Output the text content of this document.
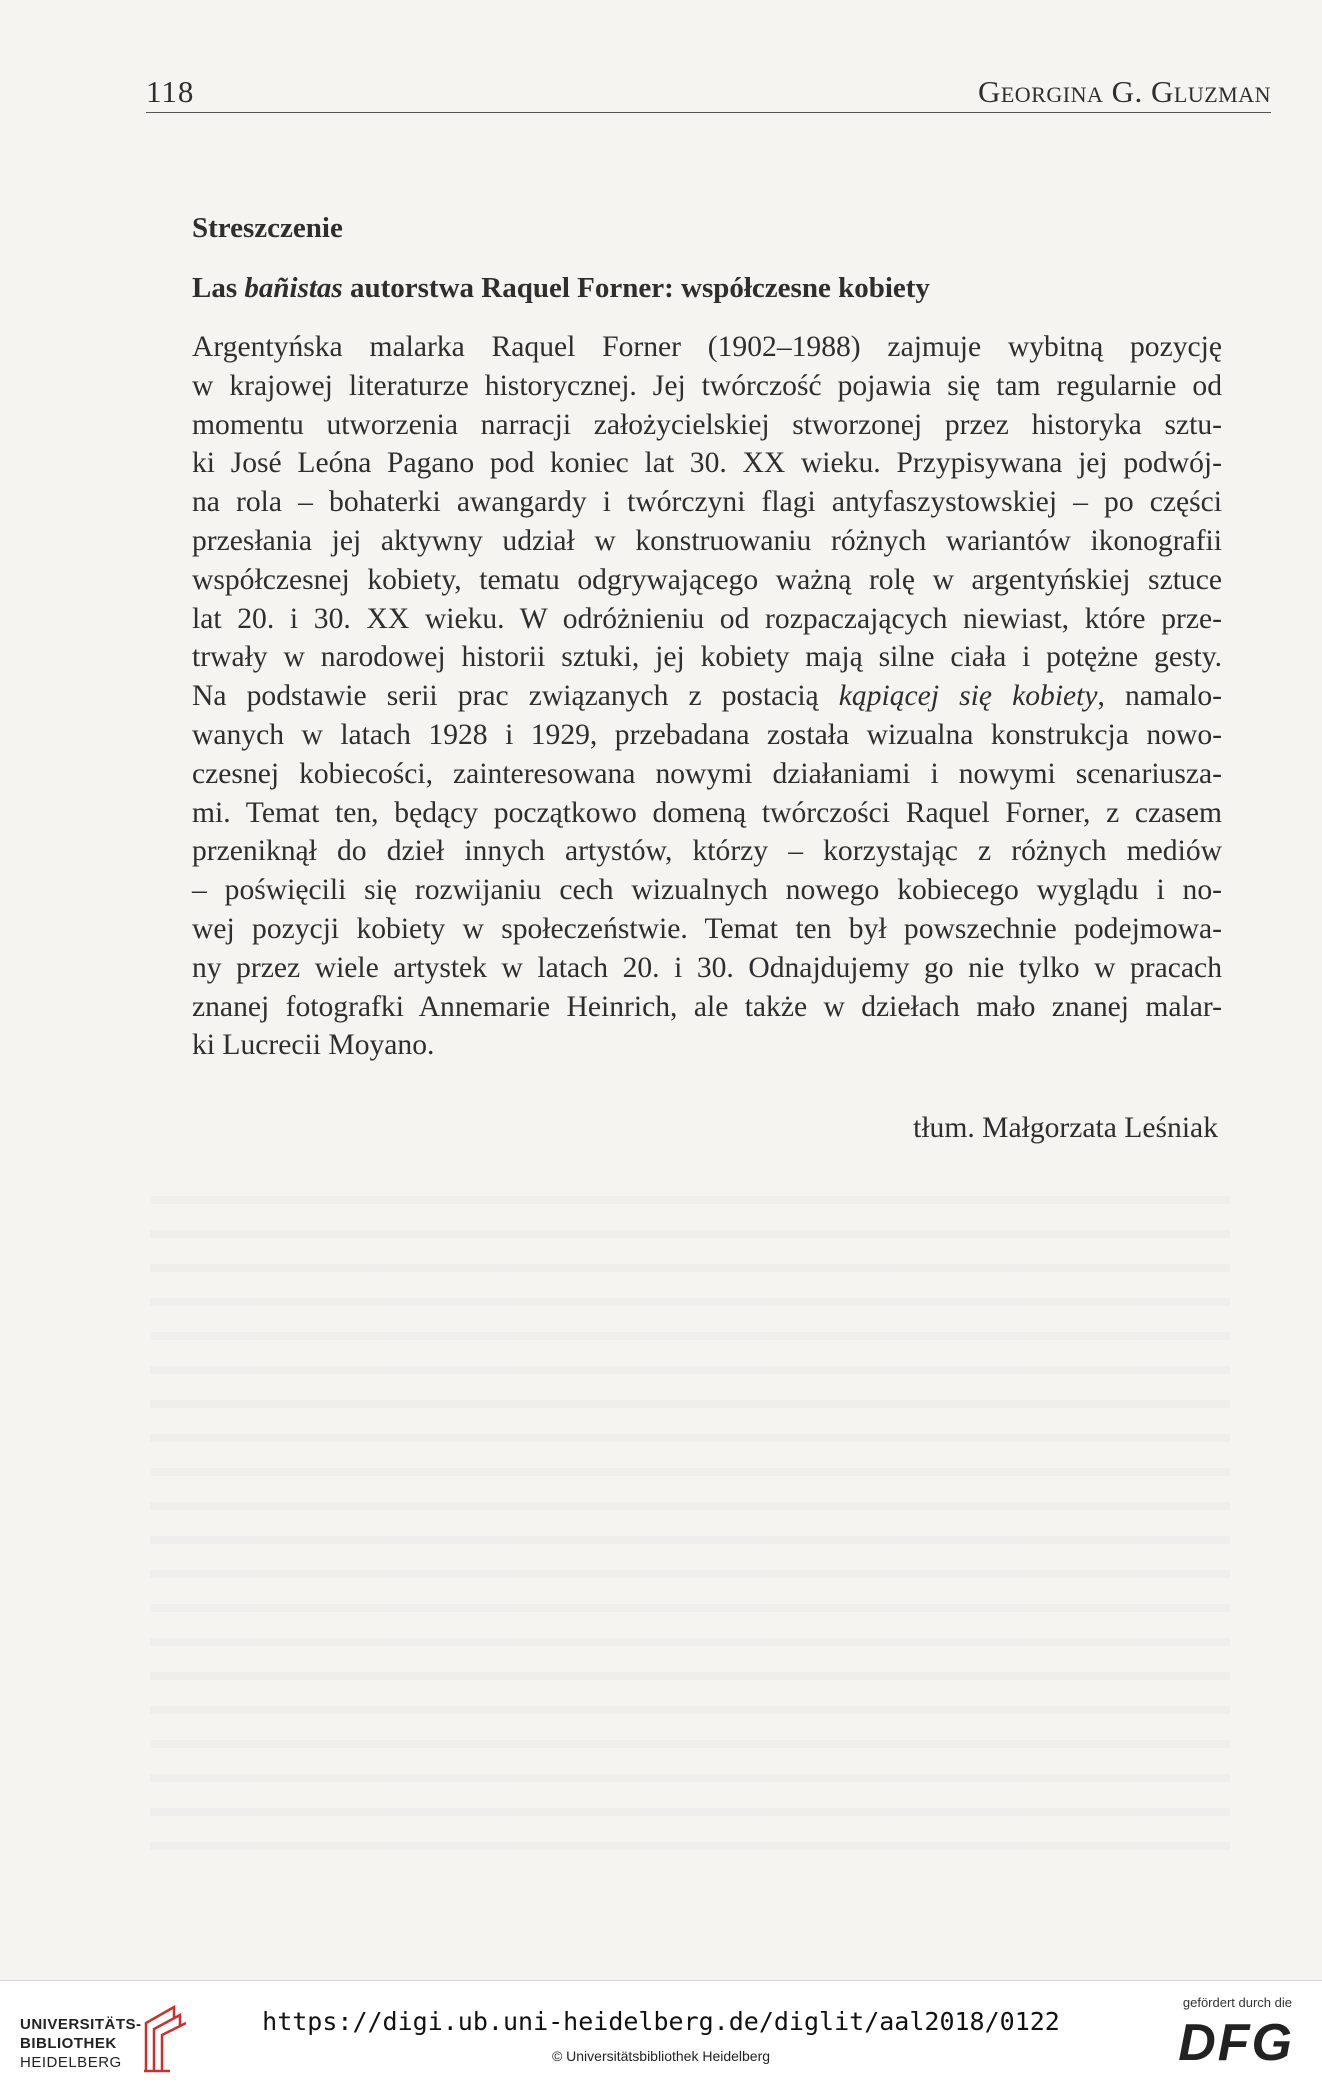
118	Georgina G. Gluzman
Streszczenie
Las bañistas autorstwa Raquel Forner: współczesne kobiety
Argentyńska malarka Raquel Forner (1902–1988) zajmuje wybitną pozycję
w krajowej literaturze historycznej. Jej twórczość pojawia się tam regularnie od
momentu utworzenia narracji założycielskiej stworzonej przez historyka sztu-
ki José Leóna Pagano pod koniec lat 30. XX wieku. Przypisywana jej podwój-
na rola – bohaterki awangardy i twórczyni flagi antyfaszystowskiej – po części
przesłania jej aktywny udział w konstruowaniu różnych wariantów ikonografii
współczesnej kobiety, tematu odgrywającego ważną rolę w argentyńskiej sztuce
lat 20. i 30. XX wieku. W odróżnieniu od rozpaczających niewiast, które prze-
trwały w narodowej historii sztuki, jej kobiety mają silne ciała i potężne gesty.
Na podstawie serii prac związanych z postacią kąpiącej się kobiety, namalo-
wanych w latach 1928 i 1929, przebadana została wizualna konstrukcja nowo-
czesnej kobiecości, zainteresowana nowymi działaniami i nowymi scenariusza-
mi. Temat ten, będący początkowo domeną twórczości Raquel Forner, z czasem
przeniknął do dzieł innych artystów, którzy – korzystając z różnych mediów
– poświęcili się rozwijaniu cech wizualnych nowego kobiecego wyglądu i no-
wej pozycji kobiety w społeczeństwie. Temat ten był powszechnie podejmowa-
ny przez wiele artystek w latach 20. i 30. Odnajdujemy go nie tylko w pracach
znanej fotografki Annemarie Heinrich, ale także w dziełach mało znanej malar-
ki Lucrecii Moyano.
tłum. Małgorzata Leśniak
UNIVERSITÄTS-
BIBLIOTHEK
HEIDELBERG
https://digi.ub.uni-heidelberg.de/diglit/aal2018/0122
© Universitätsbibliothek Heidelberg
gefördert durch die
DFG
